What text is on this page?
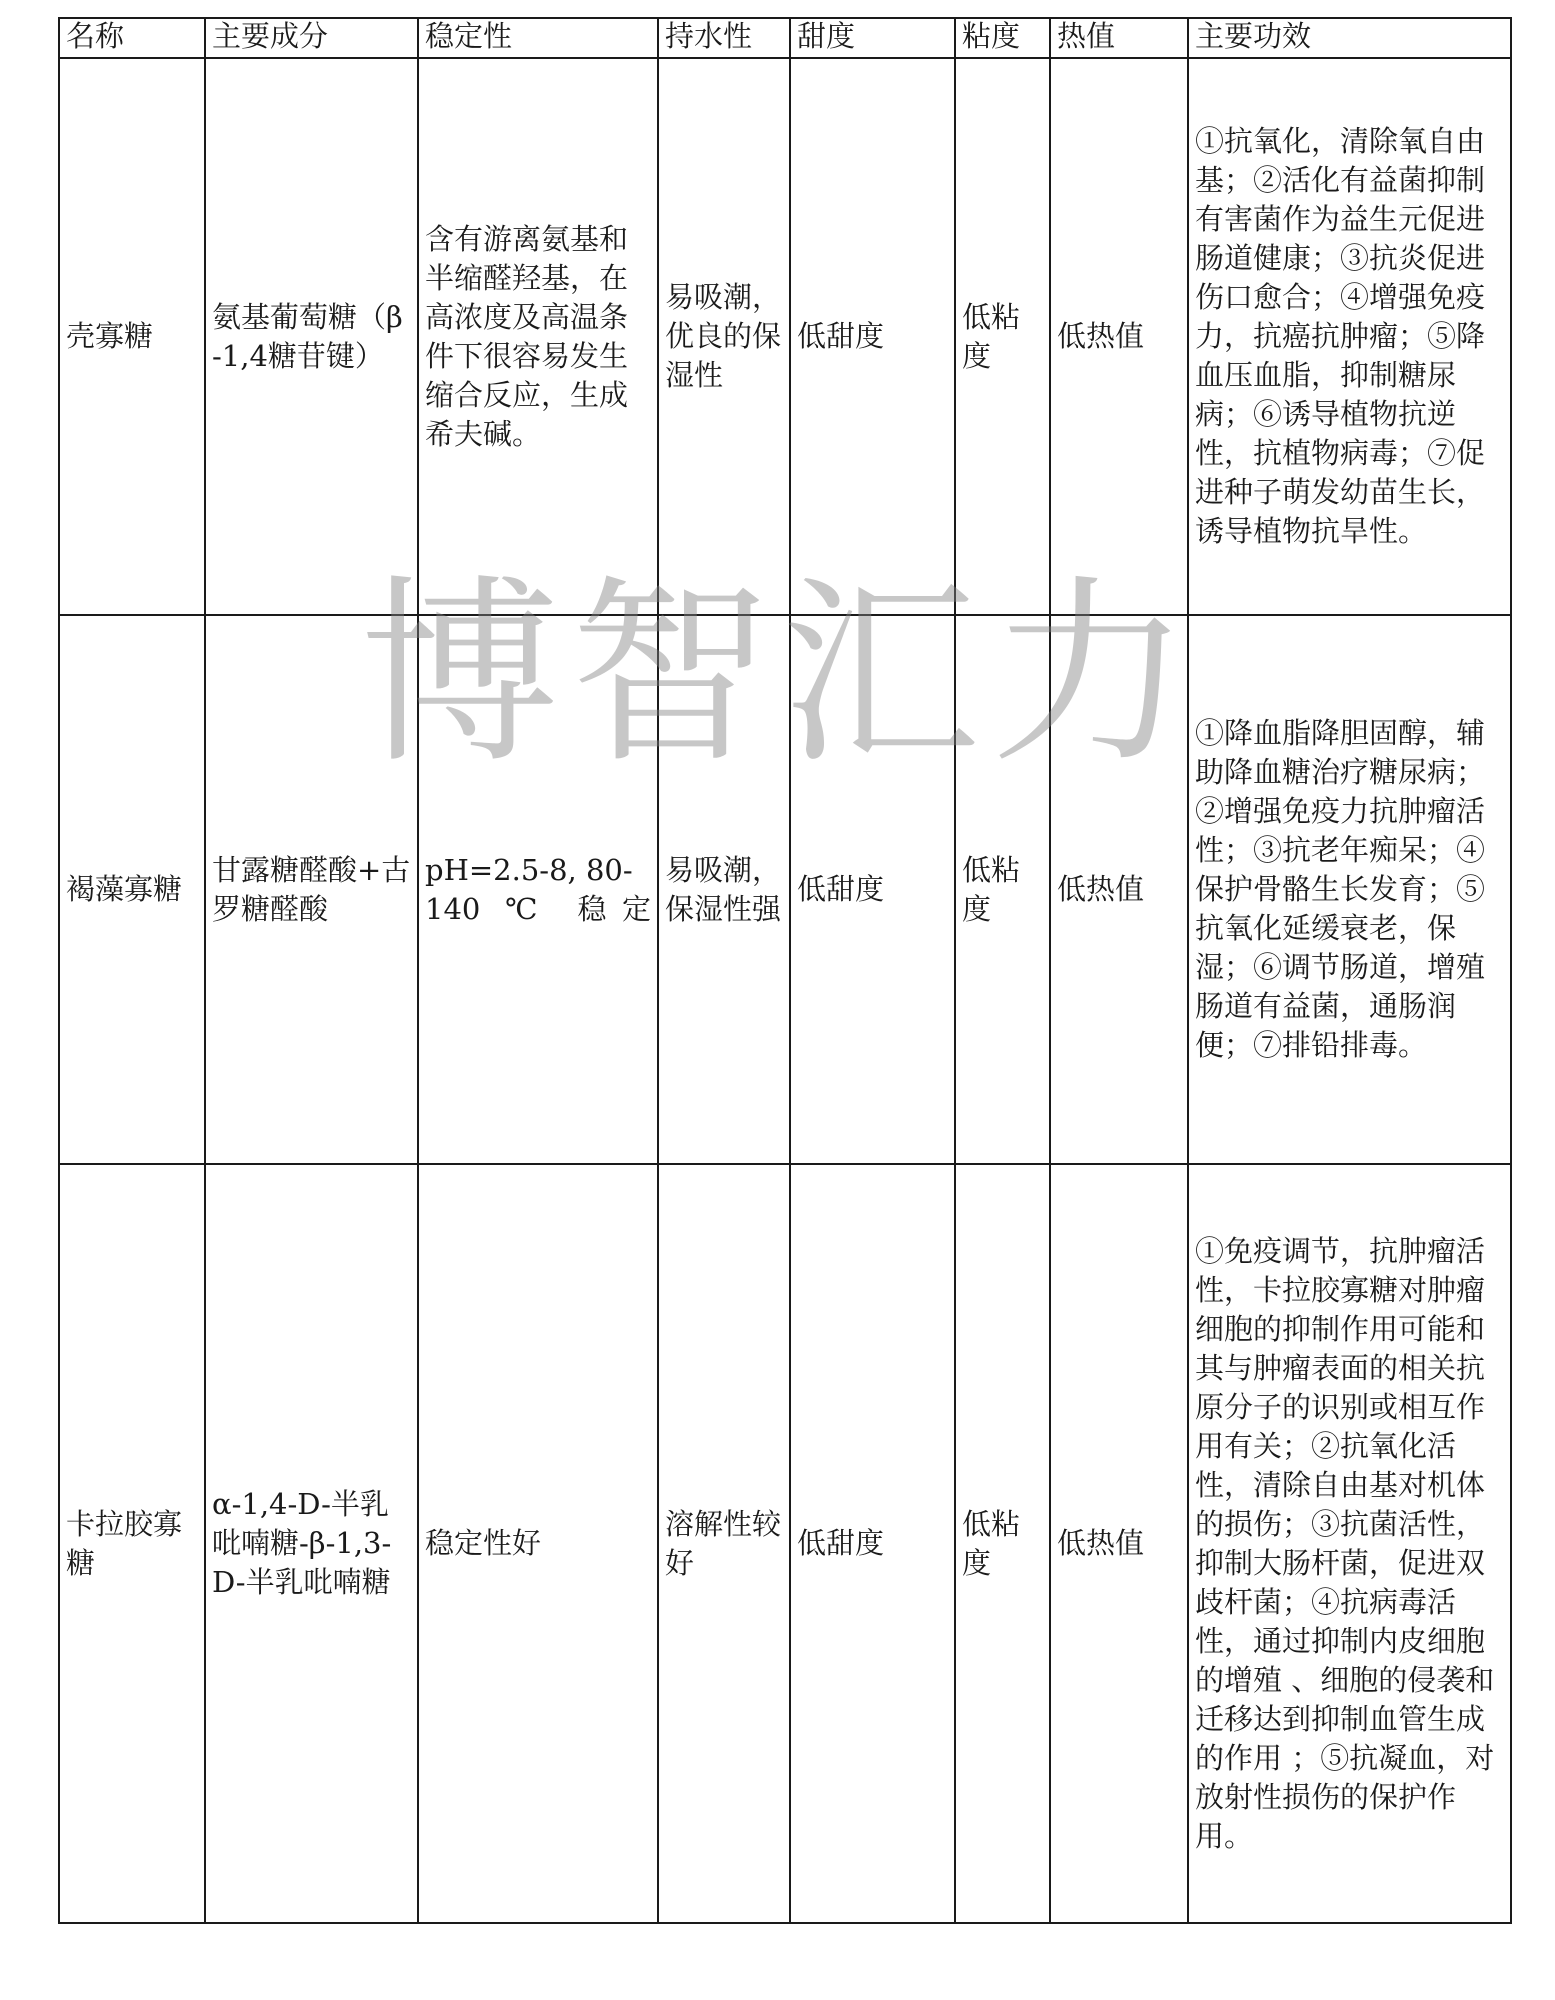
名称	主要成分	稳定性	持水性	甜度	粘度	热值	主要功效
壳寡糖	氨基葡萄糖（β-1,4糖苷键）	含有游离氨基和半缩醛羟基，在高浓度及高温条件下很容易发生缩合反应，生成希夫碱。	易吸潮，优良的保湿性	低甜度	低粘度	低热值	①抗氧化，清除氧自由基；②活化有益菌抑制有害菌作为益生元促进肠道健康；③抗炎促进伤口愈合；④增强免疫力，抗癌抗肿瘤；⑤降血压血脂，抑制糖尿病；⑥诱导植物抗逆性，抗植物病毒；⑦促进种子萌发幼苗生长，诱导植物抗旱性。
褐藻寡糖	甘露糖醛酸+古罗糖醛酸	pH=2.5-8, 80-140 ℃ 稳定	易吸潮，保湿性强	低甜度	低粘度	低热值	①降血脂降胆固醇，辅助降血糖治疗糖尿病；②增强免疫力抗肿瘤活性；③抗老年痴呆；④保护骨骼生长发育；⑤抗氧化延缓衰老，保湿；⑥调节肠道，增殖肠道有益菌，通肠润便；⑦排铅排毒。
卡拉胶寡糖	α-1,4-D-半乳吡喃糖-β-1,3-D-半乳吡喃糖	稳定性好	溶解性较好	低甜度	低粘度	低热值	①免疫调节，抗肿瘤活性，卡拉胶寡糖对肿瘤细胞的抑制作用可能和其与肿瘤表面的相关抗原分子的识别或相互作用有关；②抗氧化活性，清除自由基对机体的损伤；③抗菌活性，抑制大肠杆菌，促进双歧杆菌；④抗病毒活性，通过抑制内皮细胞的增殖 、细胞的侵袭和迁移达到抑制血管生成的作用 ；⑤抗凝血，对放射性损伤的保护作用。
博智汇力
